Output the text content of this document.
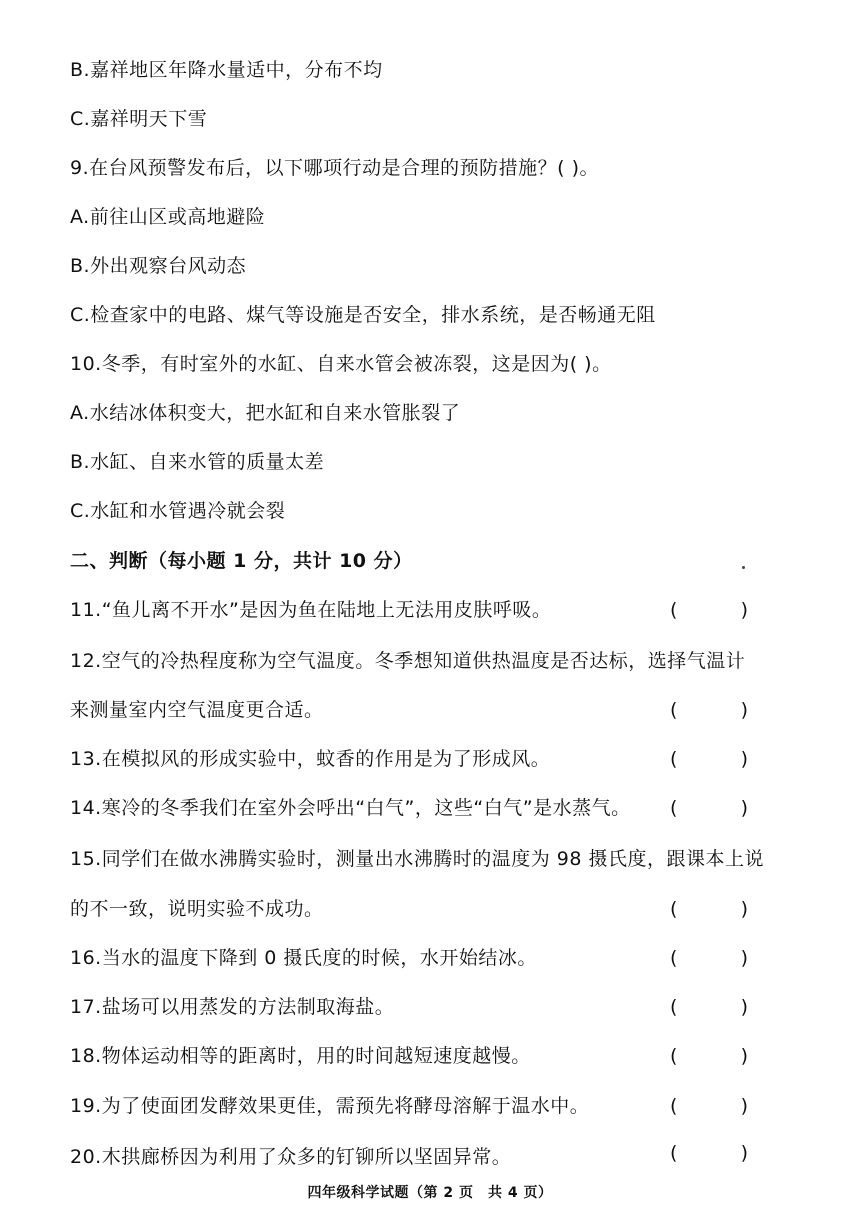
B.嘉祥地区年降水量适中，分布不均
C.嘉祥明天下雪
9.在台风预警发布后，以下哪项行动是合理的预防措施？( )。
A.前往山区或高地避险
B.外出观察台风动态
C.检查家中的电路、煤气等设施是否安全，排水系统，是否畅通无阻
10.冬季，有时室外的水缸、自来水管会被冻裂，这是因为( )。
A.水结冰体积变大，把水缸和自来水管胀裂了
B.水缸、自来水管的质量太差
C.水缸和水管遇冷就会裂
二、判断（每小题 1 分，共计 10 分）
11.“鱼儿离不开水”是因为鱼在陆地上无法用皮肤呼吸。	(	)
12.空气的冷热程度称为空气温度。冬季想知道供热温度是否达标，选择气温计
来测量室内空气温度更合适。	(	)
13.在模拟风的形成实验中，蚊香的作用是为了形成风。	(	)
14.寒冷的冬季我们在室外会呼出“白气”，这些“白气”是水蒸气。 (	)
15.同学们在做水沸腾实验时，测量出水沸腾时的温度为 98 摄氏度，跟课本上说
的不一致，说明实验不成功。	(	)
16.当水的温度下降到 0 摄氏度的时候，水开始结冰。	(	)
17.盐场可以用蒸发的方法制取海盐。	(	)
18.物体运动相等的距离时，用的时间越短速度越慢。	(	)
19.为了使面团发酵效果更佳，需预先将酵母溶解于温水中。	(	)
20.木拱廊桥因为利用了众多的钉铆所以坚固异常。	(	)
四年级科学试题（第 2 页　共 4 页）
